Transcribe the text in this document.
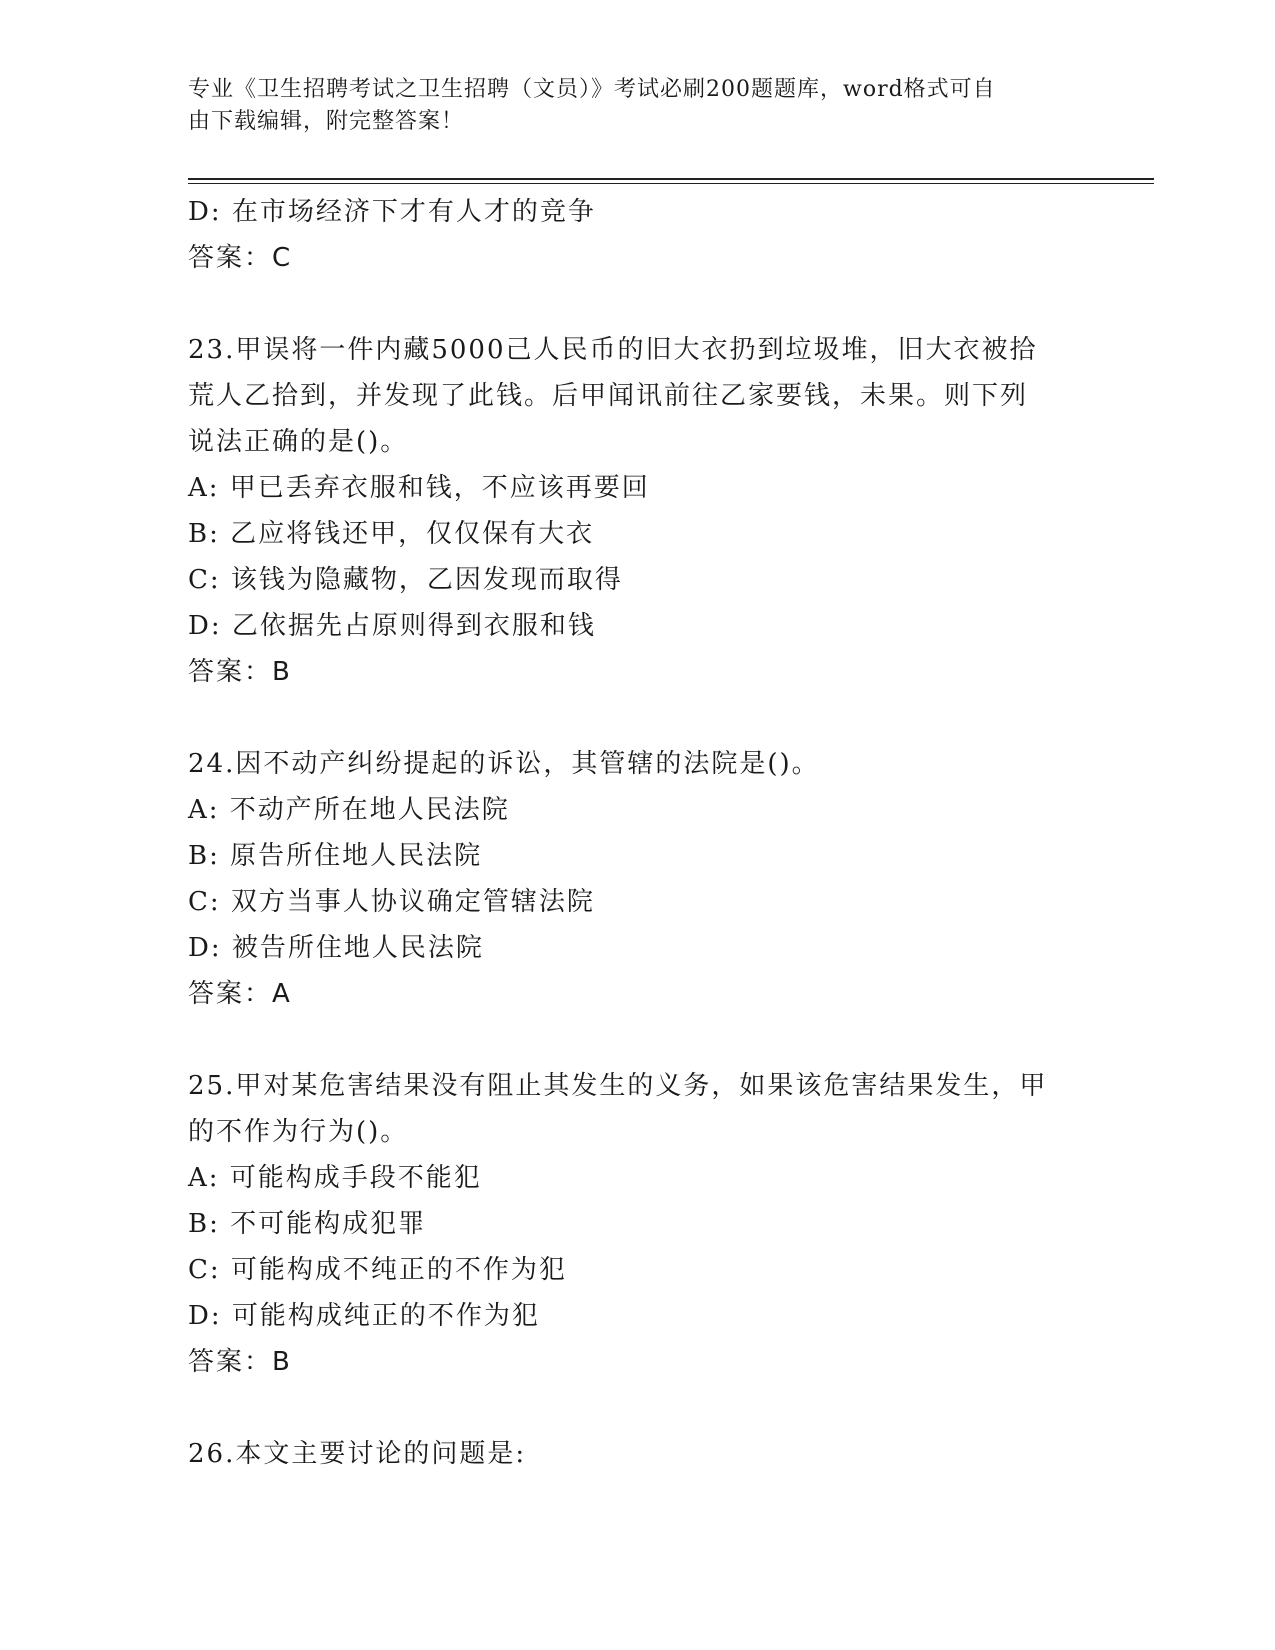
专业《卫生招聘考试之卫生招聘（文员）》考试必刷200题题库，word格式可自
由下载编辑，附完整答案！
D: 在市场经济下才有人才的竞争
答案：C
23.甲误将一件内藏5000己人民币的旧大衣扔到垃圾堆，旧大衣被拾
荒人乙拾到，并发现了此钱。后甲闻讯前往乙家要钱，未果。则下列
说法正确的是()。
A: 甲已丢弃衣服和钱，不应该再要回
B: 乙应将钱还甲，仅仅保有大衣
C: 该钱为隐藏物，乙因发现而取得
D: 乙依据先占原则得到衣服和钱
答案：B
24.因不动产纠纷提起的诉讼，其管辖的法院是()。
A: 不动产所在地人民法院
B: 原告所住地人民法院
C: 双方当事人协议确定管辖法院
D: 被告所住地人民法院
答案：A
25.甲对某危害结果没有阻止其发生的义务，如果该危害结果发生，甲
的不作为行为()。
A: 可能构成手段不能犯
B: 不可能构成犯罪
C: 可能构成不纯正的不作为犯
D: 可能构成纯正的不作为犯
答案：B
26.本文主要讨论的问题是:
